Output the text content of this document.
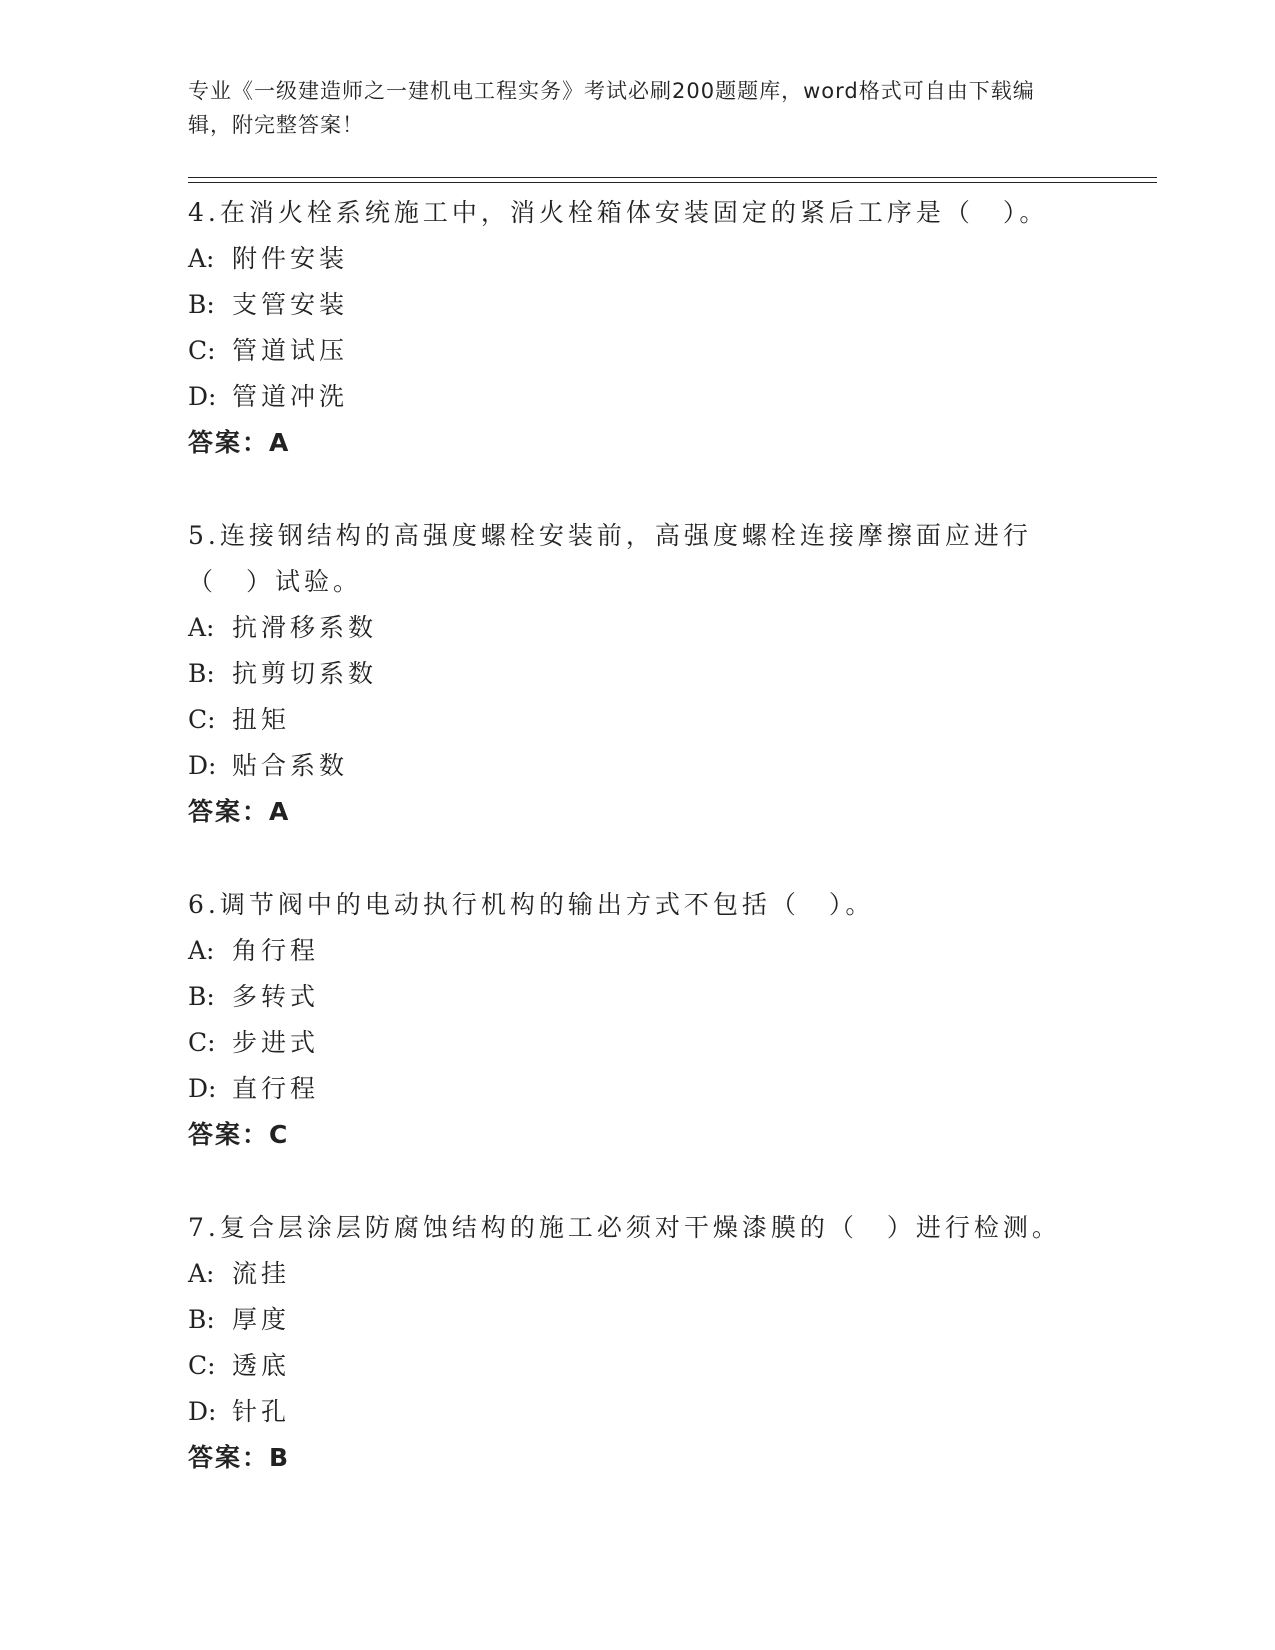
专业《一级建造师之一建机电工程实务》考试必刷200题题库，word格式可自由下载编辑，附完整答案！
4.在消火栓系统施工中，消火栓箱体安装固定的紧后工序是（　）。
A: 附件安装
B: 支管安装
C: 管道试压
D: 管道冲洗
答案：A
5.连接钢结构的高强度螺栓安装前，高强度螺栓连接摩擦面应进行（　）试验。
A: 抗滑移系数
B: 抗剪切系数
C: 扭矩
D: 贴合系数
答案：A
6.调节阀中的电动执行机构的输出方式不包括（　）。
A: 角行程
B: 多转式
C: 步进式
D: 直行程
答案：C
7.复合层涂层防腐蚀结构的施工必须对干燥漆膜的（　）进行检测。
A: 流挂
B: 厚度
C: 透底
D: 针孔
答案：B
